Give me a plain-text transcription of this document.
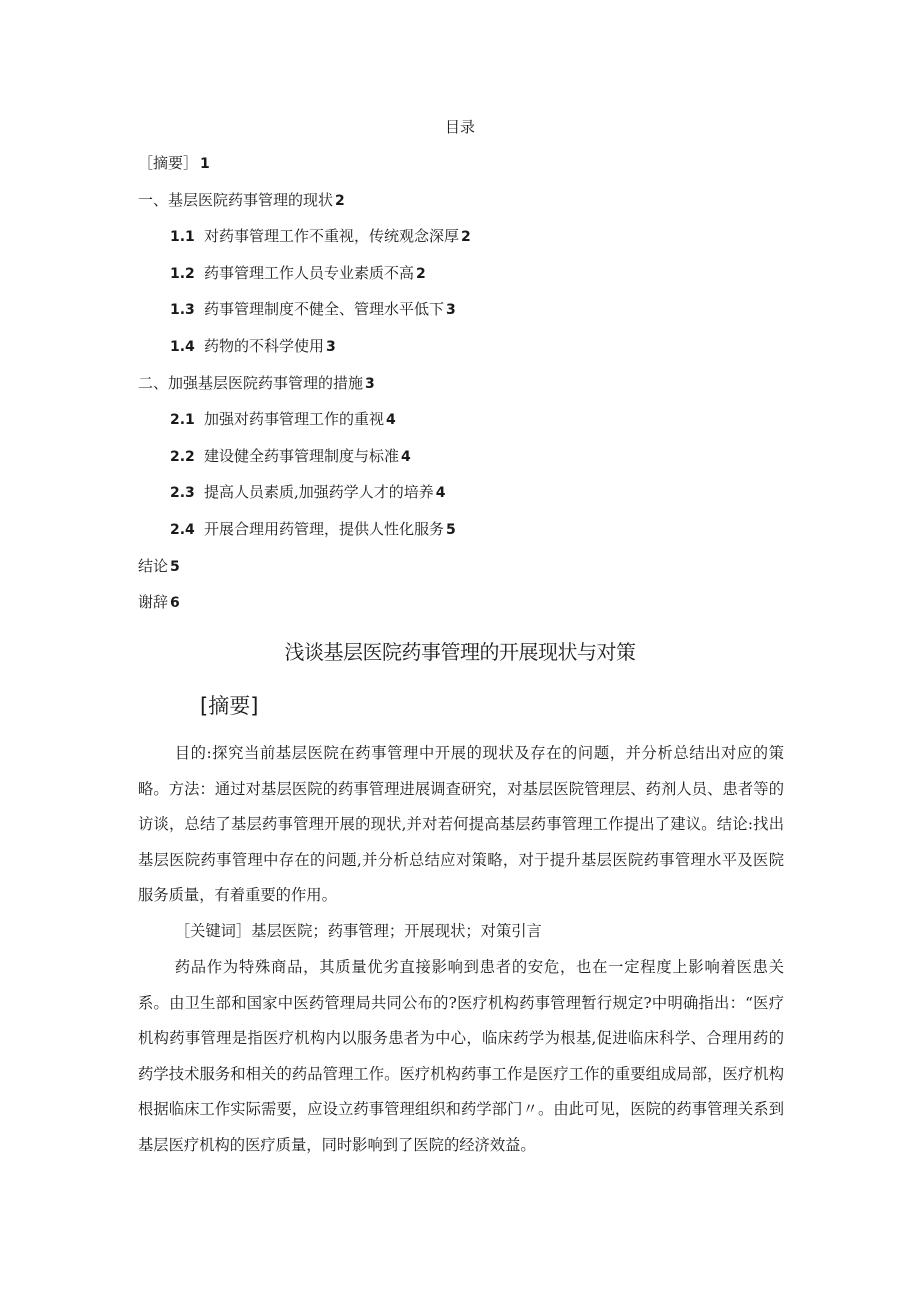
目录
［摘要］ 1
一、基层医院药事管理的现状 2
1.1 对药事管理工作不重视，传统观念深厚 2
1.2 药事管理工作人员专业素质不高 2
1.3 药事管理制度不健全、管理水平低下 3
1.4 药物的不科学使用 3
二、加强基层医院药事管理的措施 3
2.1 加强对药事管理工作的重视 4
2.2 建设健全药事管理制度与标准 4
2.3 提高人员素质,加强药学人才的培养 4
2.4 开展合理用药管理，提供人性化服务 5
结论 5
谢辞 6
浅谈基层医院药事管理的开展现状与对策
[摘要]

目的:探究当前基层医院在药事管理中开展的现状及存在的问题，并分析总结出对应的策略。方法：通过对基层医院的药事管理进展调查研究，对基层医院管理层、药剂人员、患者等的访谈，总结了基层药事管理开展的现状,并对若何提高基层药事管理工作提出了建议。结论:找出基层医院药事管理中存在的问题,并分析总结应对策略，对于提升基层医院药事管理水平及医院服务质量，有着重要的作用。

［关键词］基层医院；药事管理；开展现状；对策引言

药品作为特殊商品，其质量优劣直接影响到患者的安危，也在一定程度上影响着医患关系。由卫生部和国家中医药管理局共同公布的?医疗机构药事管理暂行规定?中明确指出：“医疗机构药事管理是指医疗机构内以服务患者为中心，临床药学为根基,促进临床科学、合理用药的药学技术服务和相关的药品管理工作。医疗机构药事工作是医疗工作的重要组成局部，医疗机构根据临床工作实际需要，应设立药事管理组织和药学部门〃。由此可见，医院的药事管理关系到基层医疗机构的医疗质量，同时影响到了医院的经济效益。
